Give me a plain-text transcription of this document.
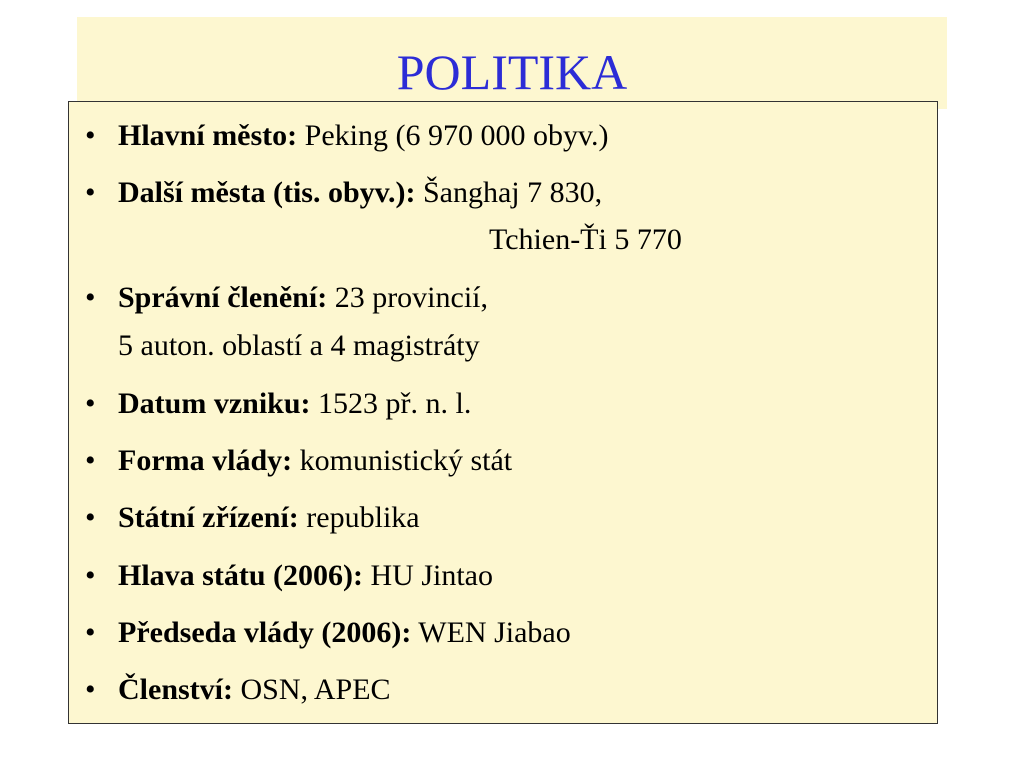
POLITIKA
• Hlavní město: Peking (6 970 000 obyv.)
• Další města (tis. obyv.): Šanghaj 7 830,
Tchien-Ťi 5 770
• Správní členění: 23 provincií,
5 auton. oblastí a 4 magistráty
• Datum vzniku: 1523 př. n. l.
• Forma vlády: komunistický stát
• Státní zřízení: republika
• Hlava státu (2006): HU Jintao
• Předseda vlády (2006): WEN Jiabao
• Členství: OSN, APEC
